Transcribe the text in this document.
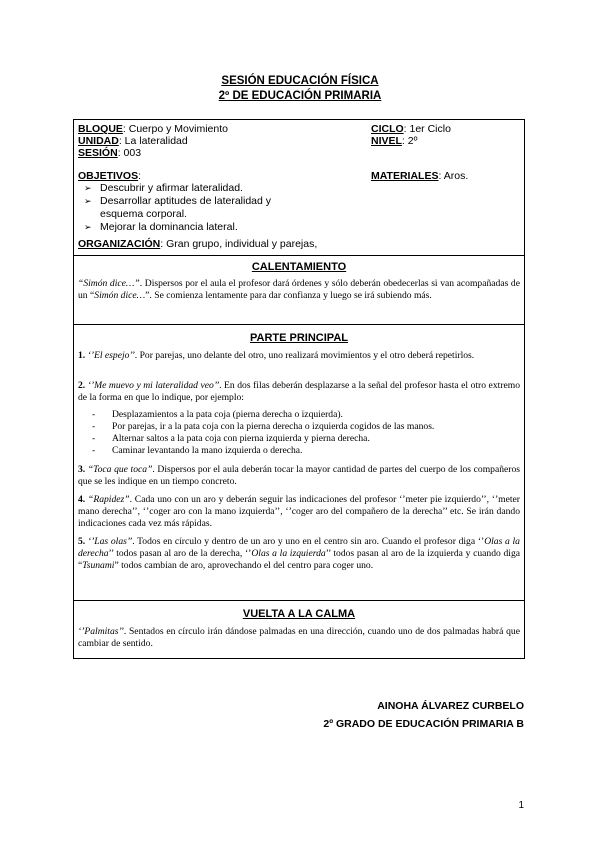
SESIÓN EDUCACIÓN FÍSICA
2º DE EDUCACIÓN PRIMARIA
BLOQUE: Cuerpo y Movimiento
UNIDAD: La lateralidad
SESIÓN: 003
CICLO: 1er Ciclo
NIVEL: 2º
OBJETIVOS:	MATERIALES: Aros.
➢ Descubrir y afirmar lateralidad.
➢ Desarrollar aptitudes de lateralidad y
esquema corporal.
➢ Mejorar la dominancia lateral.
ORGANIZACIÓN: Gran grupo, individual y parejas,
CALENTAMIENTO
“Simón dice…”. Dispersos por el aula el profesor dará órdenes y sólo deberán obedecerlas si van acompañadas de un “Simón dice…”. Se comienza lentamente para dar confianza y luego se irá subiendo más.
PARTE PRINCIPAL
1. ‘’El espejo’’. Por parejas, uno delante del otro, uno realizará movimientos y el otro deberá repetirlos.
2. ‘’Me muevo y mi lateralidad veo’’. En dos filas deberán desplazarse a la señal del profesor hasta el otro extremo de la forma en que lo indique, por ejemplo:
- Desplazamientos a la pata coja (pierna derecha o izquierda).
- Por parejas, ir a la pata coja con la pierna derecha o izquierda cogidos de las manos.
- Alternar saltos a la pata coja con pierna izquierda y pierna derecha.
- Caminar levantando la mano izquierda o derecha.
3. “Toca que toca”. Dispersos por el aula deberán tocar la mayor cantidad de partes del cuerpo de los compañeros que se les indique en un tiempo concreto.
4. “Rapidez”. Cada uno con un aro y deberán seguir las indicaciones del profesor ‘’meter pie izquierdo’’, ‘’meter mano derecha’’, ‘’coger aro con la mano izquierda’’, ‘’coger aro del compañero de la derecha’’ etc. Se irán dando indicaciones cada vez más rápidas.
5. ‘’Las olas’’. Todos en círculo y dentro de un aro y uno en el centro sin aro. Cuando el profesor diga ‘’Olas a la derecha’’ todos pasan al aro de la derecha, ‘’Olas a la izquierda’’ todos pasan al aro de la izquierda y cuando diga “Tsunami” todos cambian de aro, aprovechando el del centro para coger uno.
VUELTA A LA CALMA
‘’Palmitas’’. Sentados en círculo irán dándose palmadas en una dirección, cuando uno de dos palmadas habrá que cambiar de sentido.
AINOHA ÁLVAREZ CURBELO
2º GRADO DE EDUCACIÓN PRIMARIA B
1
